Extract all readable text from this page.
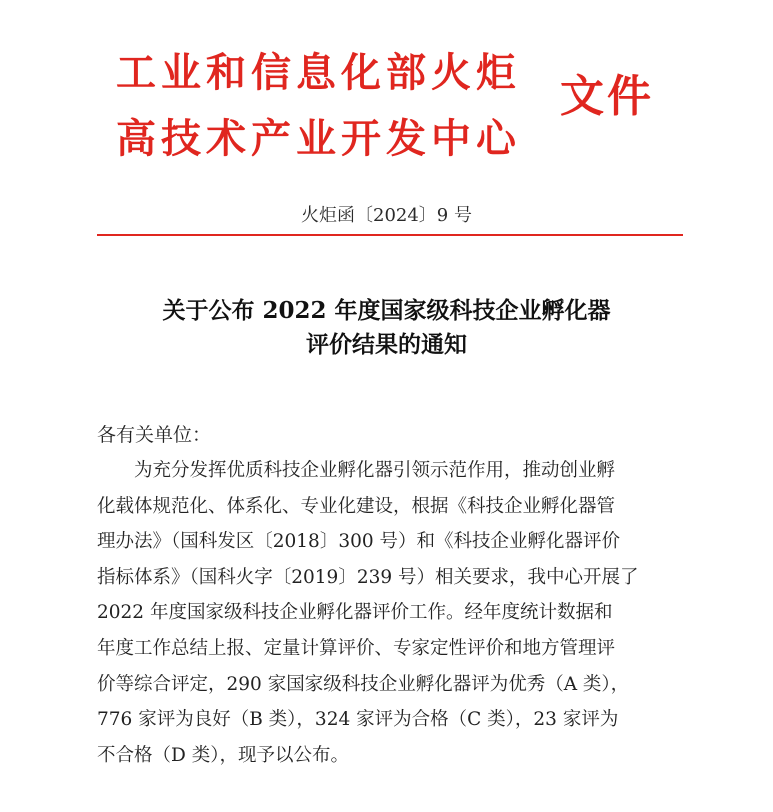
工业和信息化部火炬
高技术产业开发中心
文件
火炬函〔2024〕9 号
关于公布 2022 年度国家级科技企业孵化器
评价结果的通知
各有关单位：
为充分发挥优质科技企业孵化器引领示范作用，推动创业孵
化载体规范化、体系化、专业化建设，根据《科技企业孵化器管
理办法》（国科发区〔2018〕300 号）和《科技企业孵化器评价
指标体系》（国科火字〔2019〕239 号）相关要求，我中心开展了
2022 年度国家级科技企业孵化器评价工作。经年度统计数据和
年度工作总结上报、定量计算评价、专家定性评价和地方管理评
价等综合评定，290 家国家级科技企业孵化器评为优秀（A 类），
776 家评为良好（B 类），324 家评为合格（C 类），23 家评为
不合格（D 类），现予以公布。
